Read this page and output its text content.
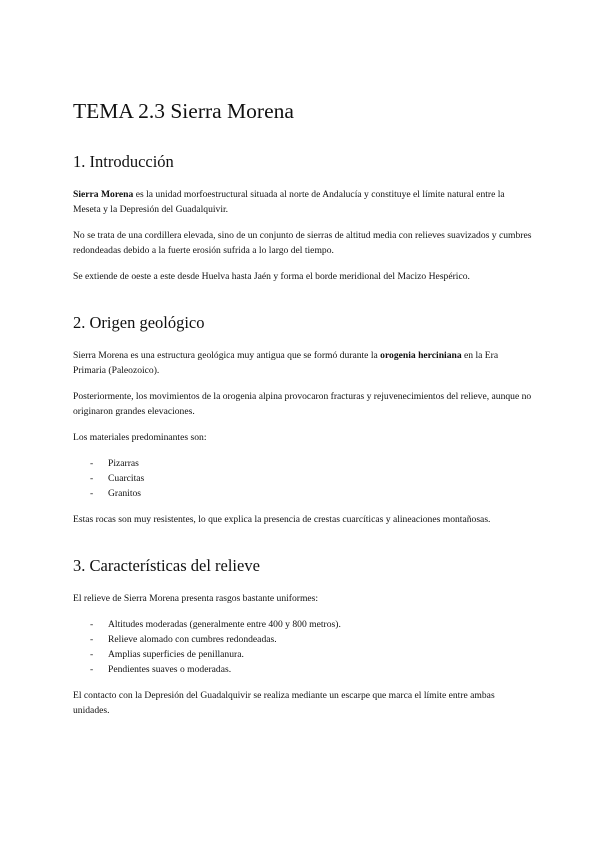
TEMA 2.3 Sierra Morena
1. Introducción

Sierra Morena es la unidad morfoestructural situada al norte de Andalucía y constituye el límite natural entre la Meseta y la Depresión del Guadalquivir.

No se trata de una cordillera elevada, sino de un conjunto de sierras de altitud media con relieves suavizados y cumbres redondeadas debido a la fuerte erosión sufrida a lo largo del tiempo.

Se extiende de oeste a este desde Huelva hasta Jaén y forma el borde meridional del Macizo Hespérico.

2. Origen geológico

Sierra Morena es una estructura geológica muy antigua que se formó durante la orogenia herciniana en la Era Primaria (Paleozoico).

Posteriormente, los movimientos de la orogenia alpina provocaron fracturas y rejuvenecimientos del relieve, aunque no originaron grandes elevaciones.

Los materiales predominantes son:

- Pizarras
- Cuarcitas
- Granitos

Estas rocas son muy resistentes, lo que explica la presencia de crestas cuarcíticas y alineaciones montañosas.

3. Características del relieve

El relieve de Sierra Morena presenta rasgos bastante uniformes:

- Altitudes moderadas (generalmente entre 400 y 800 metros).
- Relieve alomado con cumbres redondeadas.
- Amplias superficies de penillanura.
- Pendientes suaves o moderadas.

El contacto con la Depresión del Guadalquivir se realiza mediante un escarpe que marca el límite entre ambas unidades.
